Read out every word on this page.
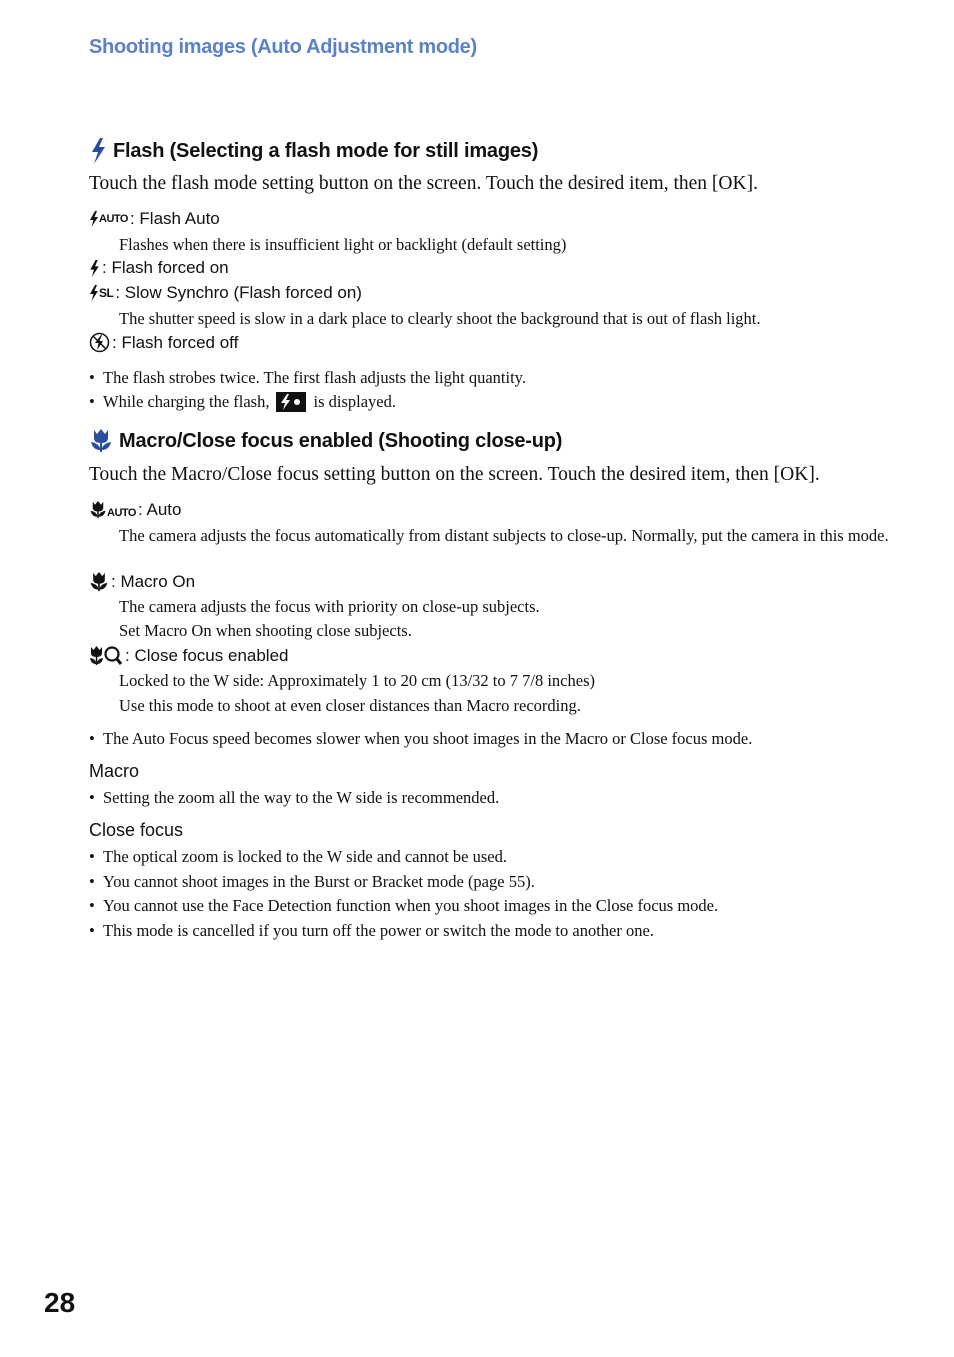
Shooting images (Auto Adjustment mode)
Flash (Selecting a flash mode for still images)
Touch the flash mode setting button on the screen. Touch the desired item, then [OK].
AUTO : Flash Auto
Flashes when there is insufficient light or backlight (default setting)
: Flash forced on
SL : Slow Synchro (Flash forced on)
The shutter speed is slow in a dark place to clearly shoot the background that is out of flash light.
: Flash forced off
• The flash strobes twice. The first flash adjusts the light quantity.
• While charging the flash,	is displayed.
Macro/Close focus enabled (Shooting close-up)
Touch the Macro/Close focus setting button on the screen. Touch the desired item, then [OK].
AUTO : Auto
The camera adjusts the focus automatically from distant subjects to close-up. Normally, put the camera in this mode.
: Macro On
The camera adjusts the focus with priority on close-up subjects.
Set Macro On when shooting close subjects.
: Close focus enabled
Locked to the W side: Approximately 1 to 20 cm (13/32 to 7 7/8 inches)
Use this mode to shoot at even closer distances than Macro recording.
• The Auto Focus speed becomes slower when you shoot images in the Macro or Close focus mode.
Macro
• Setting the zoom all the way to the W side is recommended.
Close focus
• The optical zoom is locked to the W side and cannot be used.
• You cannot shoot images in the Burst or Bracket mode (page 55).
• You cannot use the Face Detection function when you shoot images in the Close focus mode.
• This mode is cancelled if you turn off the power or switch the mode to another one.
28
